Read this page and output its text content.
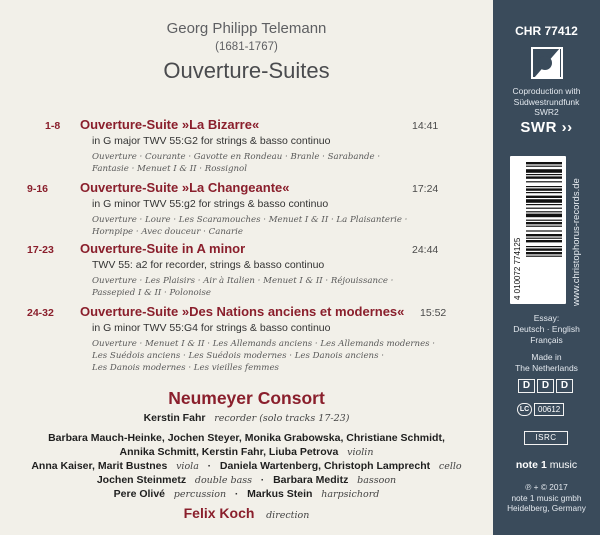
Georg Philipp Telemann
(1681-1767)
Ouverture-Suites
1-8	Ouverture-Suite »La Bizarre«	14:41
in G major TWV 55:G2 for strings & basso continuo
Ouverture · Courante · Gavotte en Rondeau · Branle · Sarabande ·
Fantasie · Menuet I & II · Rossignol
9-16	Ouverture-Suite »La Changeante«	17:24
in G minor TWV 55:g2 for strings & basso continuo
Ouverture · Loure · Les Scaramouches · Menuet I & II · La Plaisanterie ·
Hornpipe · Avec douceur · Canarie
17-23	Ouverture-Suite in A minor	24:44
TWV 55: a2 for recorder, strings & basso continuo
Ouverture · Les Plaisirs · Air à Italien · Menuet I & II · Réjouissance ·
Passepied I & II · Polonoise
24-32	Ouverture-Suite »Des Nations anciens et modernes« 15:52
in G minor TWV 55:G4 for strings & basso continuo
Ouverture · Menuet I & II · Les Allemands anciens · Les Allemands modernes ·
Les Suédois anciens · Les Suédois modernes · Les Danois anciens ·
Les Danois modernes · Les vieilles femmes
Neumeyer Consort
Kerstin Fahr recorder (solo tracks 17-23)
Barbara Mauch-Heinke, Jochen Steyer, Monika Grabowska, Christiane Schmidt,
Annika Schmitt, Kerstin Fahr, Liuba Petrova violin
Anna Kaiser, Marit Bustnes viola   ·   Daniela Wartenberg, Christoph Lamprecht cello
Jochen Steinmetz double bass   ·   Barbara Meditz bassoon
Pere Olivé percussion   ·   Markus Stein harpsichord
Felix Koch direction
CHR 77412
Coproduction with
Südwestrundfunk
SWR2
SWR ››
4 010072 774125	www.christophorus-records.de
Essay:
Deutsch · English
Français
Made in
The Netherlands
D	D	D
LC	00612
ISRC
note 1 music
℗ + © 2017
note 1 music gmbh
Heidelberg, Germany
